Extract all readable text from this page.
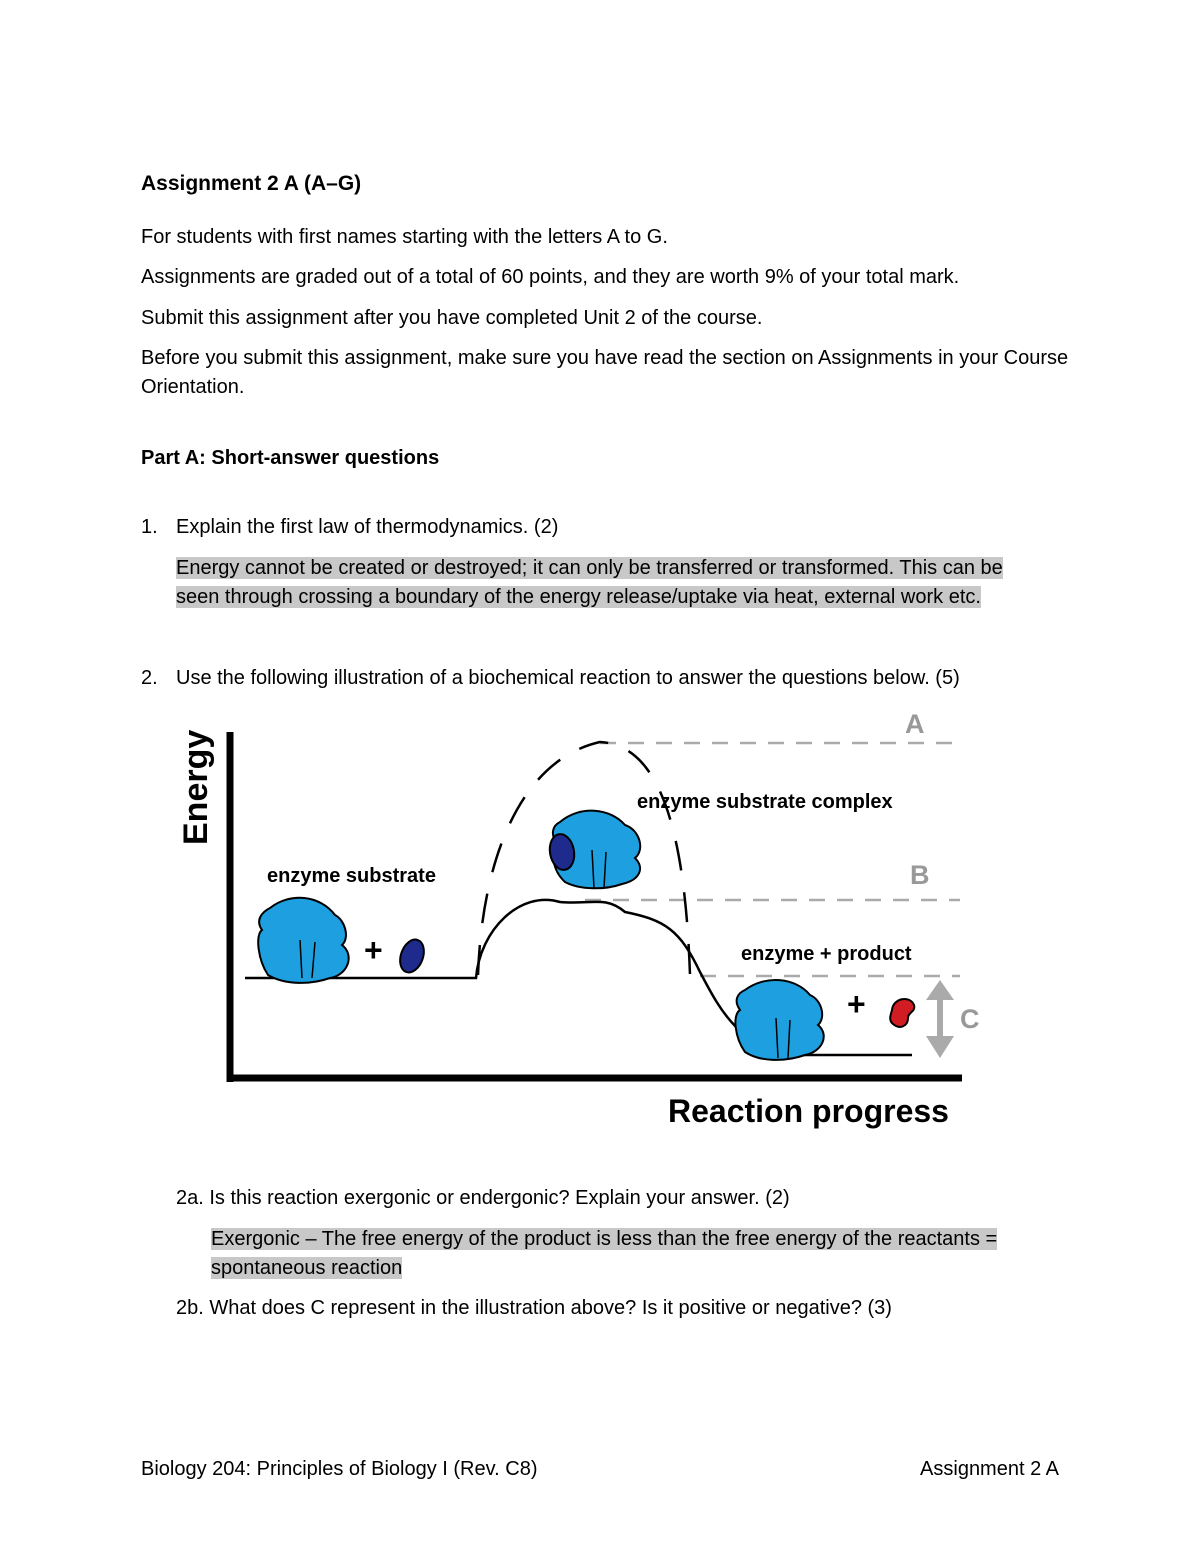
Assignment 2 A (A–G)
For students with first names starting with the letters A to G.
Assignments are graded out of a total of 60 points, and they are worth 9% of your total mark.
Submit this assignment after you have completed Unit 2 of the course.
Before you submit this assignment, make sure you have read the section on Assignments in your Course Orientation.
Part A: Short-answer questions
1. Explain the first law of thermodynamics. (2)
Energy cannot be created or destroyed; it can only be transferred or transformed. This can be seen through crossing a boundary of the energy release/uptake via heat, external work etc.
2. Use the following illustration of a biochemical reaction to answer the questions below. (5)
Energy
Reaction progress
A
B
C
+
enzyme substrate
enzyme substrate complex
+
enzyme + product
2a. Is this reaction exergonic or endergonic? Explain your answer. (2)
Exergonic – The free energy of the product is less than the free energy of the reactants = spontaneous reaction
2b. What does C represent in the illustration above? Is it positive or negative? (3)
Biology 204: Principles of Biology I (Rev. C8)	Assignment 2 A
